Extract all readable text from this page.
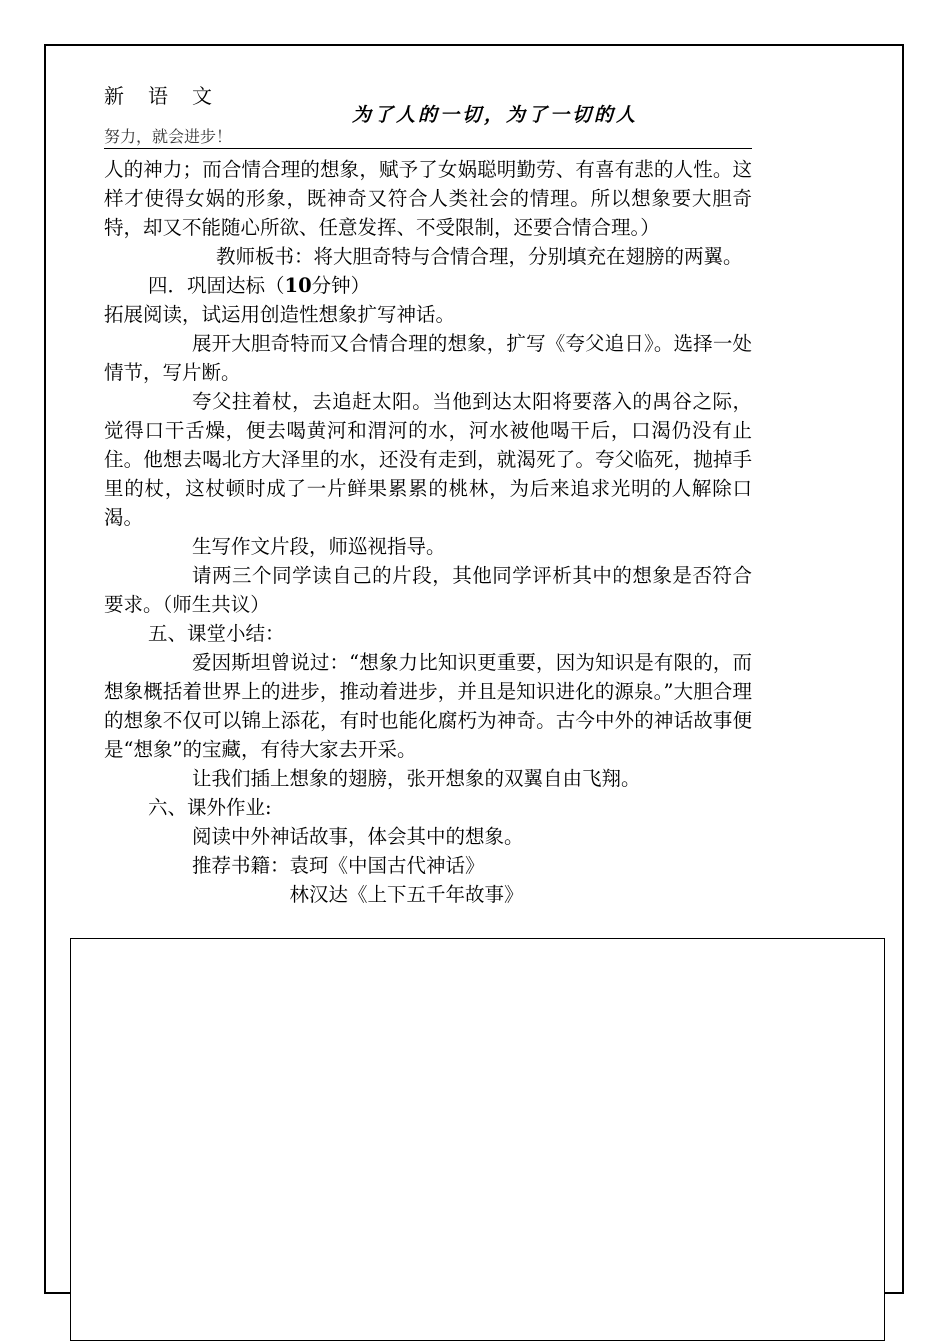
新语文
为了人的一切，为了一切的人
努力，就会进步！

人的神力；而合情合理的想象，赋予了女娲聪明勤劳、有喜有悲的人性。这样才使得女娲的形象，既神奇又符合人类社会的情理。所以想象要大胆奇特，却又不能随心所欲、任意发挥、不受限制，还要合情合理。）

教师板书：将大胆奇特与合情合理，分别填充在翅膀的两翼。

四．巩固达标（10分钟）

拓展阅读，试运用创造性想象扩写神话。

展开大胆奇特而又合情合理的想象，扩写《夸父追日》。选择一处情节，写片断。

夸父拄着杖，去追赶太阳。当他到达太阳将要落入的禺谷之际，觉得口干舌燥，便去喝黄河和渭河的水，河水被他喝干后，口渴仍没有止住。他想去喝北方大泽里的水，还没有走到，就渴死了。夸父临死，抛掉手里的杖，这杖顿时成了一片鲜果累累的桃林，为后来追求光明的人解除口渴。

生写作文片段，师巡视指导。

请两三个同学读自己的片段，其他同学评析其中的想象是否符合要求。（师生共议）

五、课堂小结：

爱因斯坦曾说过：“想象力比知识更重要，因为知识是有限的，而想象概括着世界上的进步，推动着进步，并且是知识进化的源泉。”大胆合理的想象不仅可以锦上添花，有时也能化腐朽为神奇。古今中外的神话故事便是“想象”的宝藏，有待大家去开采。

让我们插上想象的翅膀，张开想象的双翼自由飞翔。

六、课外作业:

阅读中外神话故事，体会其中的想象。

推荐书籍：袁珂《中国古代神话》

林汉达《上下五千年故事》
